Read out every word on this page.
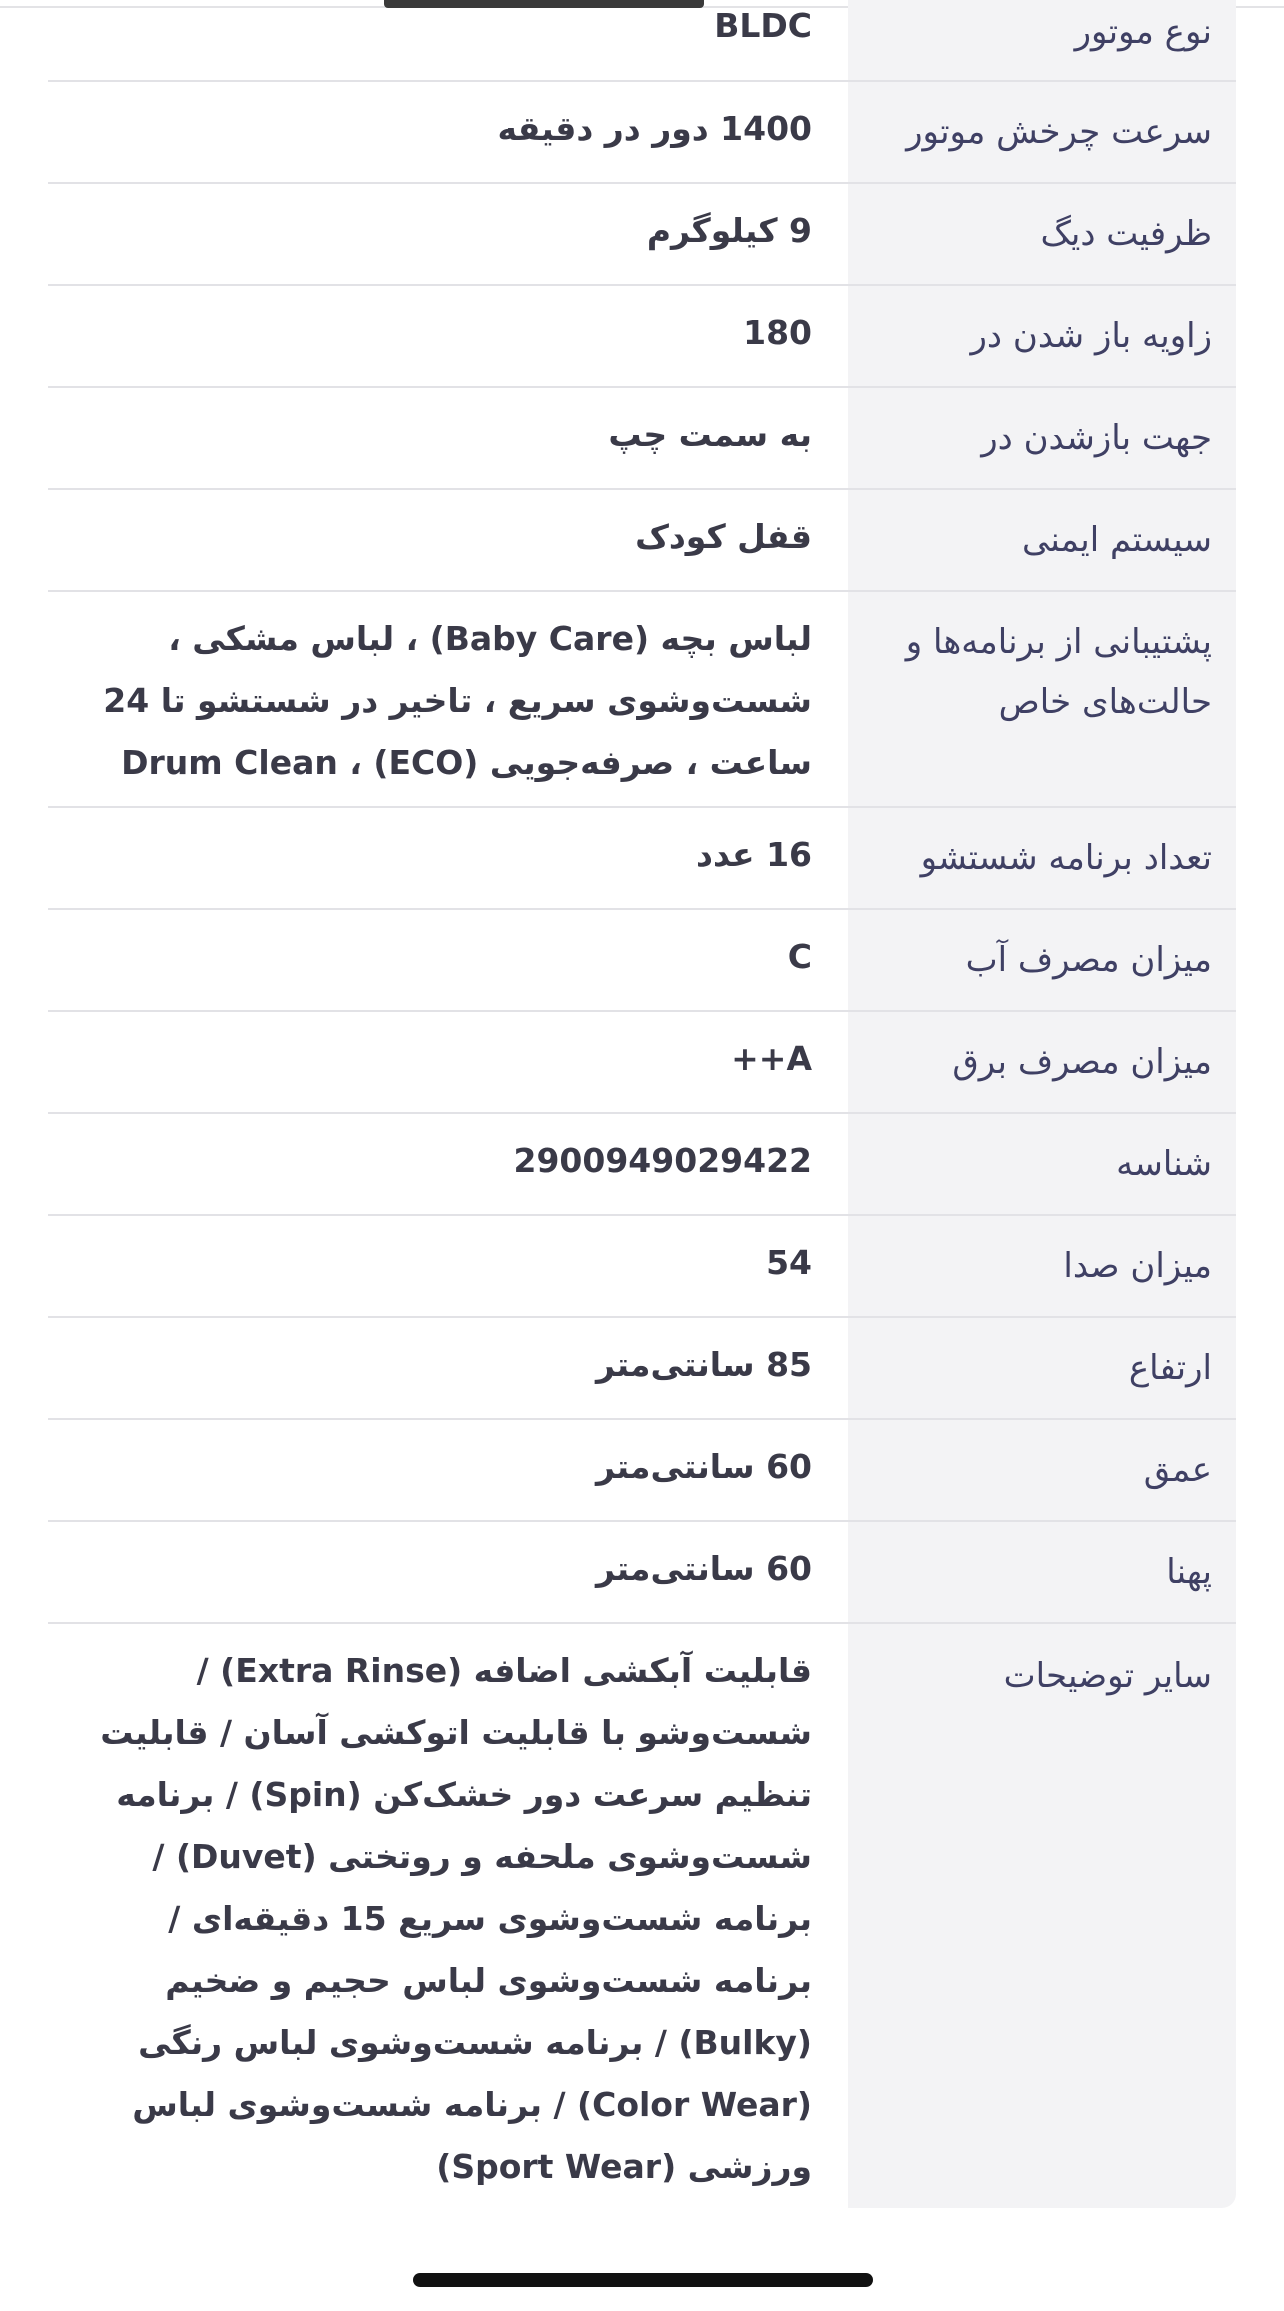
نوع موتور
BLDC
سرعت چرخش موتور
1400 دور در دقیقه
ظرفیت دیگ
9 کیلوگرم
زاویه باز شدن در
180
جهت بازشدن در
به سمت چپ
سیستم ایمنی
قفل کودک
پشتیبانی از برنامه‌ها و حالت‌های خاص
لباس بچه (Baby Care) ، لباس مشکی ، شست‌وشوی سریع ، تاخیر در شستشو تا 24 ساعت ، صرفه‌جویی (ECO) ، Drum Clean
تعداد برنامه شستشو
16 عدد
میزان مصرف آب
C
میزان مصرف برق
A++
شناسه
2900949029422
میزان صدا
54
ارتفاع
85 سانتی‌متر
عمق
60 سانتی‌متر
پهنا
60 سانتی‌متر
سایر توضیحات
قابلیت آبکشی اضافه (Extra Rinse) / شست‌وشو با قابلیت اتوکشی آسان / قابلیت تنظیم سرعت دور خشک‌کن (Spin) / برنامه شست‌وشوی ملحفه و روتختی (Duvet) / برنامه شست‌وشوی سریع 15 دقیقه‌ای / برنامه شست‌وشوی لباس حجیم و ضخیم (Bulky) / برنامه شست‌وشوی لباس رنگی (Color Wear) / برنامه شست‌وشوی لباس ورزشی (Sport Wear)
